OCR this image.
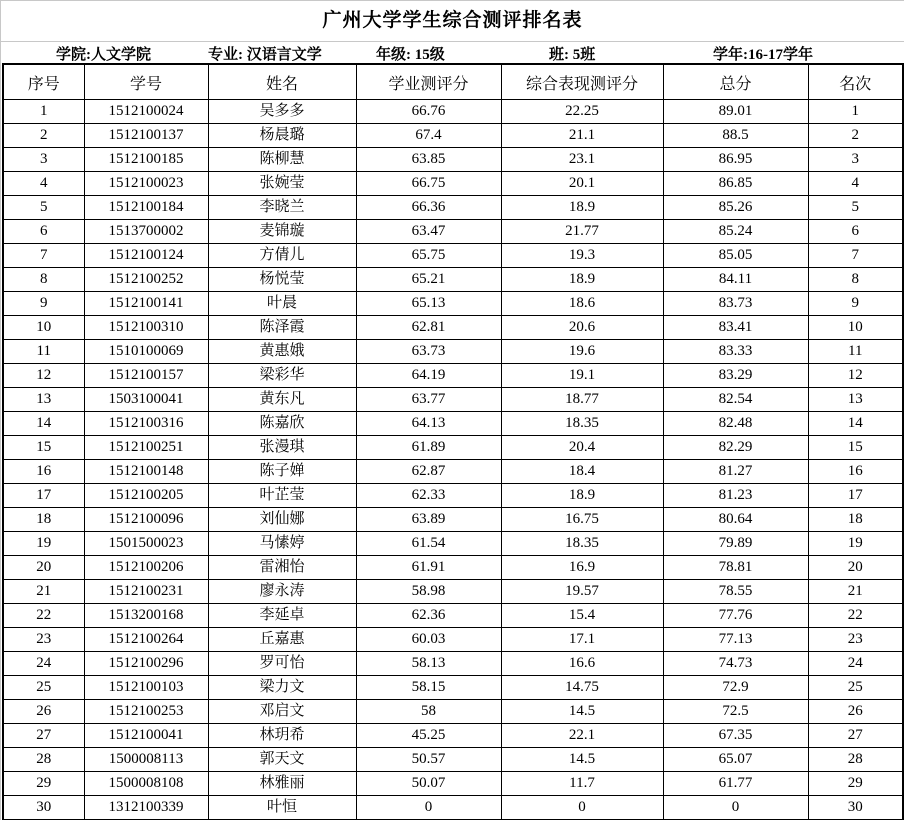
广州大学学生综合测评排名表
学院:人文学院	专业: 汉语言文学	年级: 15级	班: 5班	学年:16-17学年
序号	学号	姓名	学业测评分	综合表现测评分	总分	名次
1	1512100024	吴多多	66.76	22.25	89.01	1
2	1512100137	杨晨璐	67.4	21.1	88.5	2
3	1512100185	陈柳慧	63.85	23.1	86.95	3
4	1512100023	张婉莹	66.75	20.1	86.85	4
5	1512100184	李晓兰	66.36	18.9	85.26	5
6	1513700002	麦锦璇	63.47	21.77	85.24	6
7	1512100124	方倩儿	65.75	19.3	85.05	7
8	1512100252	杨悦莹	65.21	18.9	84.11	8
9	1512100141	叶晨	65.13	18.6	83.73	9
10	1512100310	陈泽霞	62.81	20.6	83.41	10
11	1510100069	黄惠娥	63.73	19.6	83.33	11
12	1512100157	梁彩华	64.19	19.1	83.29	12
13	1503100041	黄东凡	63.77	18.77	82.54	13
14	1512100316	陈嘉欣	64.13	18.35	82.48	14
15	1512100251	张漫琪	61.89	20.4	82.29	15
16	1512100148	陈子婵	62.87	18.4	81.27	16
17	1512100205	叶芷莹	62.33	18.9	81.23	17
18	1512100096	刘仙娜	63.89	16.75	80.64	18
19	1501500023	马愫婷	61.54	18.35	79.89	19
20	1512100206	雷湘怡	61.91	16.9	78.81	20
21	1512100231	廖永涛	58.98	19.57	78.55	21
22	1513200168	李延卓	62.36	15.4	77.76	22
23	1512100264	丘嘉惠	60.03	17.1	77.13	23
24	1512100296	罗可怡	58.13	16.6	74.73	24
25	1512100103	梁力文	58.15	14.75	72.9	25
26	1512100253	邓启文	58	14.5	72.5	26
27	1512100041	林玥希	45.25	22.1	67.35	27
28	1500008113	郭天文	50.57	14.5	65.07	28
29	1500008108	林雅丽	50.07	11.7	61.77	29
30	1312100339	叶恒	0	0	0	30
